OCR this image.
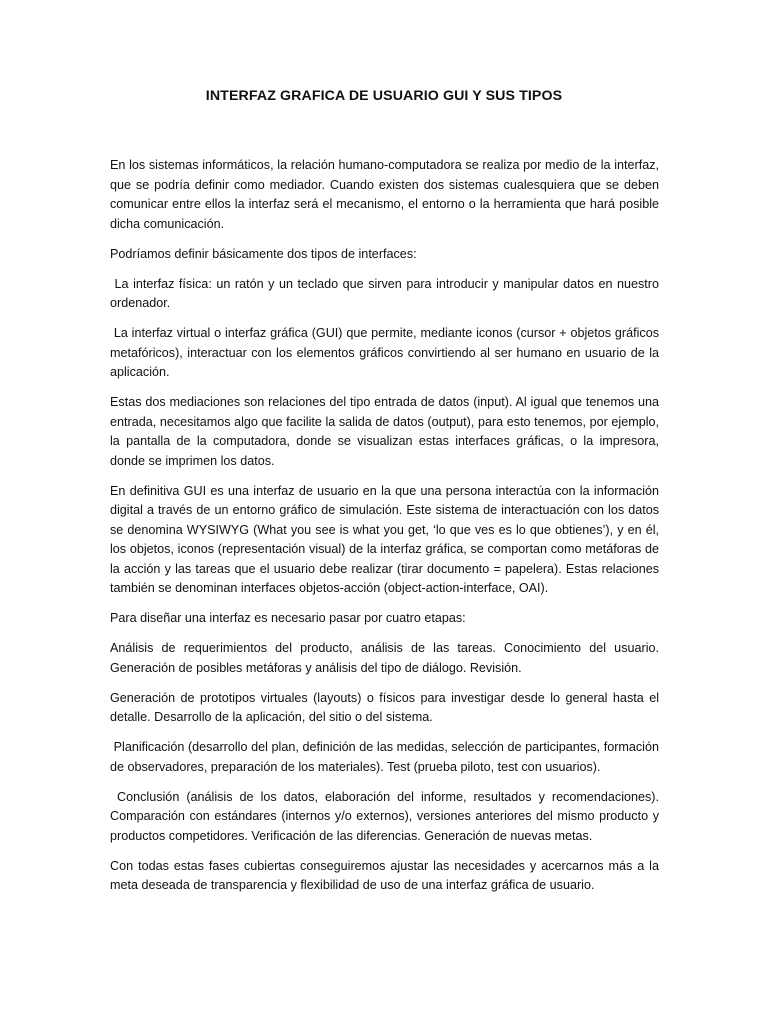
INTERFAZ GRAFICA DE USUARIO GUI Y SUS TIPOS

En los sistemas informáticos, la relación humano-computadora se realiza por medio de la interfaz, que se podría definir como mediador. Cuando existen dos sistemas cualesquiera que se deben comunicar entre ellos la interfaz será el mecanismo, el entorno o la herramienta que hará posible dicha comunicación.

Podríamos definir básicamente dos tipos de interfaces:

La interfaz física: un ratón y un teclado que sirven para introducir y manipular datos en nuestro ordenador.

La interfaz virtual o interfaz gráfica (GUI) que permite, mediante iconos (cursor + objetos gráficos metafóricos), interactuar con los elementos gráficos convirtiendo al ser humano en usuario de la aplicación.

Estas dos mediaciones son relaciones del tipo entrada de datos (input). Al igual que tenemos una entrada, necesitamos algo que facilite la salida de datos (output), para esto tenemos, por ejemplo, la pantalla de la computadora, donde se visualizan estas interfaces gráficas, o la impresora, donde se imprimen los datos.

En definitiva GUI es una interfaz de usuario en la que una persona interactúa con la información digital a través de un entorno gráfico de simulación. Este sistema de interactuación con los datos se denomina WYSIWYG (What you see is what you get, ‘lo que ves es lo que obtienes’), y en él, los objetos, iconos (representación visual) de la interfaz gráfica, se comportan como metáforas de la acción y las tareas que el usuario debe realizar (tirar documento = papelera). Estas relaciones también se denominan interfaces objetos-acción (object-action-interface, OAI).

Para diseñar una interfaz es necesario pasar por cuatro etapas:

Análisis de requerimientos del producto, análisis de las tareas. Conocimiento del usuario. Generación de posibles metáforas y análisis del tipo de diálogo. Revisión.

Generación de prototipos virtuales (layouts) o físicos para investigar desde lo general hasta el detalle. Desarrollo de la aplicación, del sitio o del sistema.

Planificación (desarrollo del plan, definición de las medidas, selección de participantes, formación de observadores, preparación de los materiales). Test (prueba piloto, test con usuarios).

Conclusión (análisis de los datos, elaboración del informe, resultados y recomendaciones). Comparación con estándares (internos y/o externos), versiones anteriores del mismo producto y productos competidores. Verificación de las diferencias. Generación de nuevas metas.

Con todas estas fases cubiertas conseguiremos ajustar las necesidades y acercarnos más a la meta deseada de transparencia y flexibilidad de uso de una interfaz gráfica de usuario.
